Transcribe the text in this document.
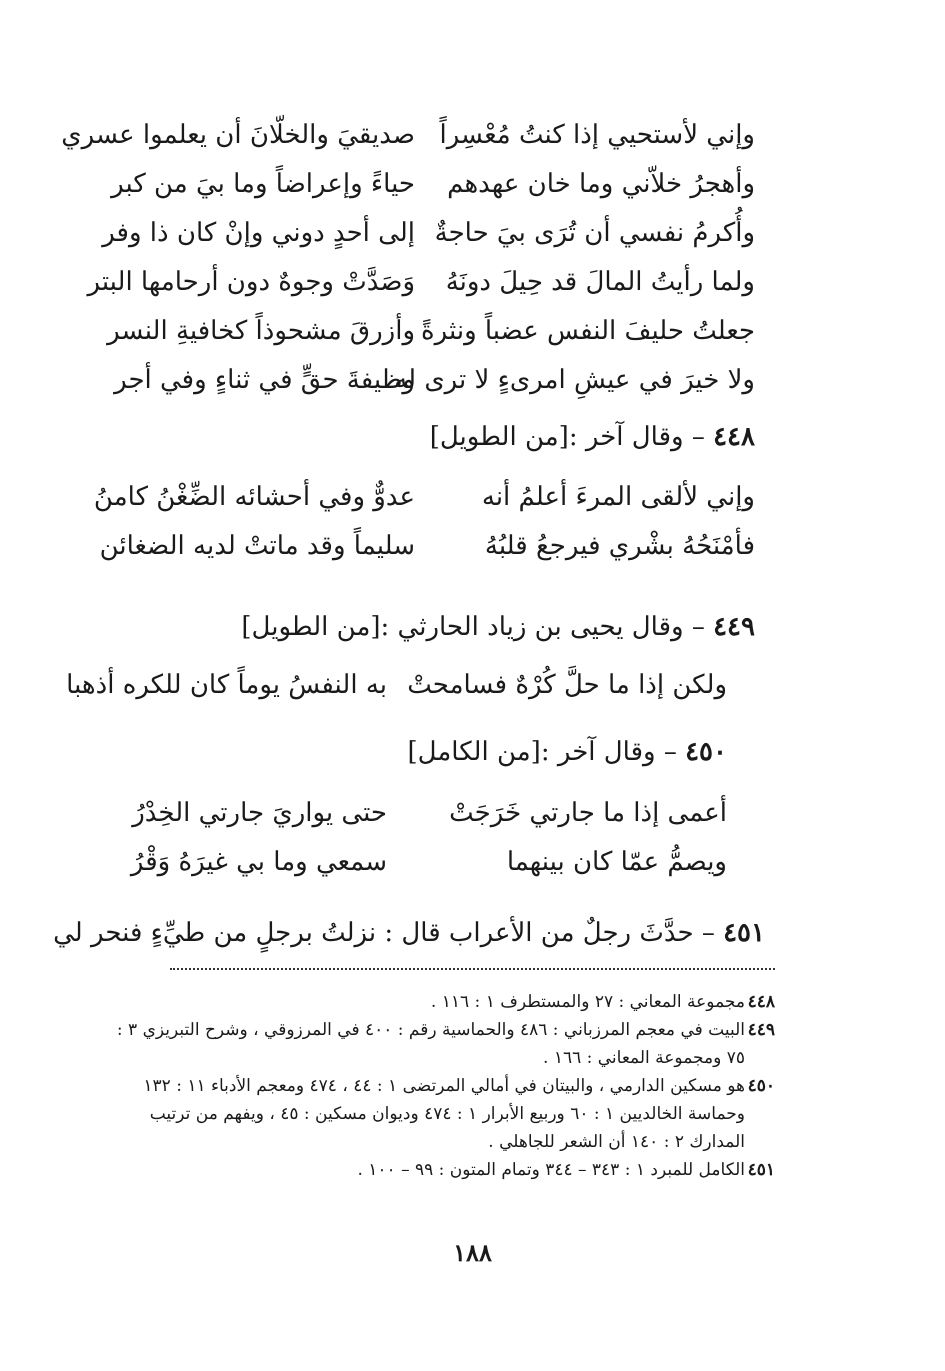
وإني لأستحيي إذا كنتُ مُعْسِراً
صديقيَ والخلّانَ أن يعلموا عسري
وأهجرُ خلاّني وما خان عهدهم
حياءً وإعراضاً وما بيَ من كبر
وأُكرمُ نفسي أن تُرَى بيَ حاجةٌ
إلى أحدٍ دوني وإنْ كان ذا وفر
ولما رأيتُ المالَ قد حِيلَ دونَهُ
وَصَدَّتْ وجوهٌ دون أرحامها البتر
جعلتُ حليفَ النفس عضباً ونثرةً
وأزرقَ مشحوذاً كخافيةِ النسر
ولا خيرَ في عيشِ امرىءٍ لا ترى له
وظيفةَ حقٍّ في ثناءٍ وفي أجر
٤٤٨ – وقال آخر :[من الطويل]
وإني لألقى المرءَ أعلمُ أنه
عدوٌّ وفي أحشائه الضِّغْنُ كامنُ
فأمْنَحُهُ بشْري فيرجعُ قلبُهُ
سليماً وقد ماتتْ لديه الضغائن
٤٤٩ – وقال يحيى بن زياد الحارثي :[من الطويل]
ولكن إذا ما حلَّ كُرْهٌ فسامحتْ
به النفسُ يوماً كان للكره أذهبا
٤٥٠ – وقال آخر :[من الكامل]
أعمى إذا ما جارتي خَرَجَتْ
حتى يواريَ جارتي الخِدْرُ
ويصمُّ عمّا كان بينهما
سمعي وما بي غيرَهُ وَقْرُ
٤٥١ – حدَّثَ رجلٌ من الأعراب قال : نزلتُ برجلٍ من طيِّءٍ فنحر لي
٤٤٨
مجموعة المعاني : ٢٧ والمستطرف ١ : ١١٦ .
٤٤٩
البيت في معجم المرزباني : ٤٨٦ والحماسية رقم : ٤٠٠ في المرزوقي ، وشرح التبريزي ٣ : ٧٥ ومجموعة المعاني : ١٦٦ .
٤٥٠
هو مسكين الدارمي ، والبيتان في أمالي المرتضى ١ : ٤٤ ، ٤٧٤ ومعجم الأدباء ١١ : ١٣٢ وحماسة الخالديين ١ : ٦٠ وربيع الأبرار ١ : ٤٧٤ وديوان مسكين : ٤٥ ، ويفهم من ترتيب المدارك ٢ : ١٤٠ أن الشعر للجاهلي .
٤٥١
الكامل للمبرد ١ : ٣٤٣ – ٣٤٤ وتمام المتون : ٩٩ – ١٠٠ .
١٨٨
